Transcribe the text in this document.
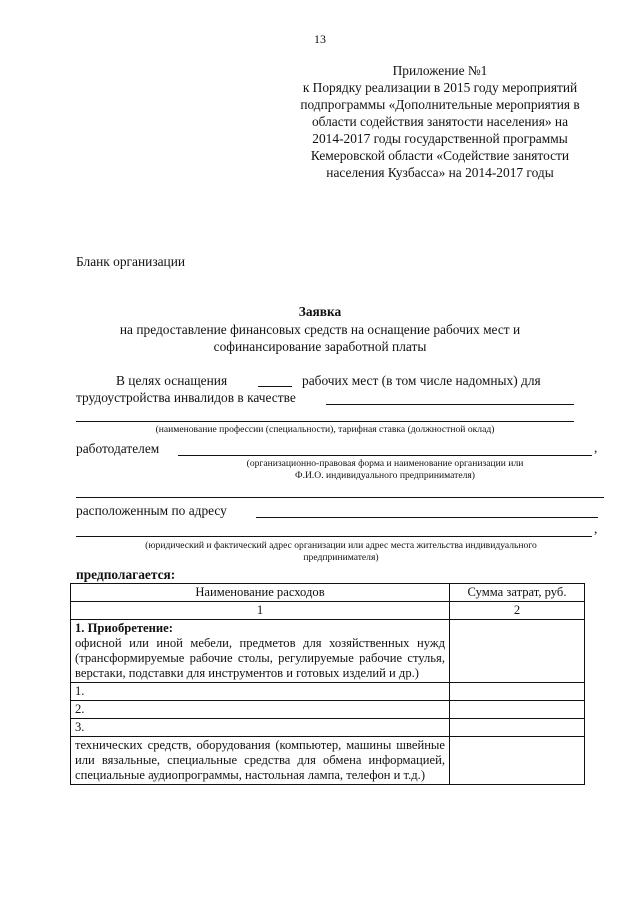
13
Приложение №1
к Порядку реализации в 2015 году мероприятий
подпрограммы «Дополнительные мероприятия в
области содействия занятости населения» на
2014-2017 годы государственной программы
Кемеровской области «Содействие занятости
населения Кузбасса» на 2014-2017 годы
Бланк организации
Заявка
на предоставление финансовых средств на оснащение рабочих мест и
софинансирование заработной платы
В целях оснащения	рабочих мест (в том числе надомных) для
трудоустройства инвалидов в качестве
(наименование профессии (специальности), тарифная ставка (должностной оклад)
работодателем	,
(организационно-правовая форма и наименование организации или
Ф.И.О. индивидуального предпринимателя)
расположенным по адресу
,
(юридический и фактический адрес организации или адрес места жительства индивидуального
предпринимателя)
предполагается:
Наименование расходов	Сумма затрат, руб.
1	2

1. Приобретение:
офисной или иной мебели, предметов для хозяйственных нужд (трансформируемые рабочие столы, регулируемые рабочие стулья, верстаки, подставки для инструментов и готовых изделий и др.)	

1.	
2.	
3.	
технических средств, оборудования (компьютер, машины швейные или вязальные, специальные средства для обмена информацией, специальные аудиопрограммы, настольная лампа, телефон и т.д.)	
